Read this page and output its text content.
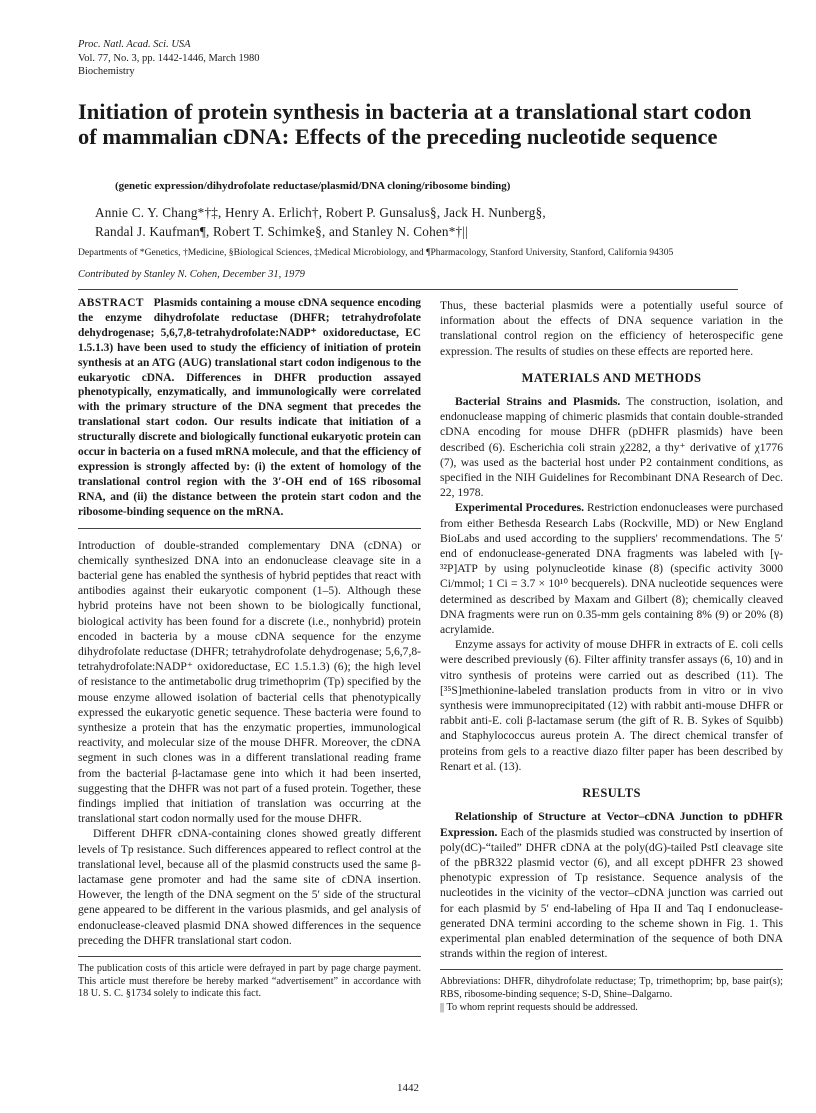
Proc. Natl. Acad. Sci. USA
Vol. 77, No. 3, pp. 1442-1446, March 1980
Biochemistry
Initiation of protein synthesis in bacteria at a translational start codon of mammalian cDNA: Effects of the preceding nucleotide sequence
(genetic expression/dihydrofolate reductase/plasmid/DNA cloning/ribosome binding)
Annie C. Y. Chang*†‡, Henry A. Erlich†, Robert P. Gunsalus§, Jack H. Nunberg§,
Randal J. Kaufman¶, Robert T. Schimke§, and Stanley N. Cohen*†||
Departments of *Genetics, †Medicine, §Biological Sciences, ‡Medical Microbiology, and ¶Pharmacology, Stanford University, Stanford, California 94305
Contributed by Stanley N. Cohen, December 31, 1979

ABSTRACT Plasmids containing a mouse cDNA sequence encoding the enzyme dihydrofolate reductase (DHFR; tetrahydrofolate dehydrogenase; 5,6,7,8-tetrahydrofolate:NADP⁺ oxidoreductase, EC 1.5.1.3) have been used to study the efficiency of initiation of protein synthesis at an ATG (AUG) translational start codon indigenous to the eukaryotic cDNA. Differences in DHFR production assayed phenotypically, enzymatically, and immunologically were correlated with the primary structure of the DNA segment that precedes the translational start codon. Our results indicate that initiation of a structurally discrete and biologically functional eukaryotic protein can occur in bacteria on a fused mRNA molecule, and that the efficiency of expression is strongly affected by: (i) the extent of homology of the translational control region with the 3′-OH end of 16S ribosomal RNA, and (ii) the distance between the protein start codon and the ribosome-binding sequence on the mRNA.

Introduction of double-stranded complementary DNA (cDNA) or chemically synthesized DNA into an endonuclease cleavage site in a bacterial gene has enabled the synthesis of hybrid peptides that react with antibodies against their eukaryotic component (1–5). Although these hybrid proteins have not been shown to be biologically functional, biological activity has been found for a discrete (i.e., nonhybrid) protein encoded in bacteria by a mouse cDNA sequence for the enzyme dihydrofolate reductase (DHFR; tetrahydrofolate dehydrogenase; 5,6,7,8-tetrahydrofolate:NADP⁺ oxidoreductase, EC 1.5.1.3) (6); the high level of resistance to the antimetabolic drug trimethoprim (Tp) specified by the mouse enzyme allowed isolation of bacterial cells that phenotypically expressed the eukaryotic genetic sequence. These bacteria were found to synthesize a protein that has the enzymatic properties, immunological reactivity, and molecular size of the mouse DHFR. Moreover, the cDNA segment in such clones was in a different translational reading frame from the bacterial β-lactamase gene into which it had been inserted, suggesting that the DHFR was not part of a fused protein. Together, these findings implied that initiation of translation was occurring at the translational start codon normally used for the mouse DHFR.

Different DHFR cDNA-containing clones showed greatly different levels of Tp resistance. Such differences appeared to reflect control at the translational level, because all of the plasmid constructs used the same β-lactamase gene promoter and had the same site of cDNA insertion. However, the length of the DNA segment on the 5′ side of the structural gene appeared to be different in the various plasmids, and gel analysis of endonuclease-cleaved plasmid DNA showed differences in the sequence preceding the DHFR translational start codon.

The publication costs of this article were defrayed in part by page charge payment. This article must therefore be hereby marked “advertisement” in accordance with 18 U. S. C. §1734 solely to indicate this fact.

Thus, these bacterial plasmids were a potentially useful source of information about the effects of DNA sequence variation in the translational control region on the efficiency of heterospecific gene expression. The results of studies on these effects are reported here.

MATERIALS AND METHODS

Bacterial Strains and Plasmids. The construction, isolation, and endonuclease mapping of chimeric plasmids that contain double-stranded cDNA encoding for mouse DHFR (pDHFR plasmids) have been described (6). Escherichia coli strain χ2282, a thy⁺ derivative of χ1776 (7), was used as the bacterial host under P2 containment conditions, as specified in the NIH Guidelines for Recombinant DNA Research of Dec. 22, 1978.

Experimental Procedures. Restriction endonucleases were purchased from either Bethesda Research Labs (Rockville, MD) or New England BioLabs and used according to the suppliers' recommendations. The 5′ end of endonuclease-generated DNA fragments was labeled with [γ-³²P]ATP by using polynucleotide kinase (8) (specific activity 3000 Ci/mmol; 1 Ci = 3.7 × 10¹⁰ becquerels). DNA nucleotide sequences were determined as described by Maxam and Gilbert (8); chemically cleaved DNA fragments were run on 0.35-mm gels containing 8% (9) or 20% (8) acrylamide.

Enzyme assays for activity of mouse DHFR in extracts of E. coli cells were described previously (6). Filter affinity transfer assays (6, 10) and in vitro synthesis of proteins were carried out as described (11). The [³⁵S]methionine-labeled translation products from in vitro or in vivo synthesis were immunoprecipitated (12) with rabbit anti-mouse DHFR or rabbit anti-E. coli β-lactamase serum (the gift of R. B. Sykes of Squibb) and Staphylococcus aureus protein A. The direct chemical transfer of proteins from gels to a reactive diazo filter paper has been described by Renart et al. (13).

RESULTS

Relationship of Structure at Vector–cDNA Junction to pDHFR Expression. Each of the plasmids studied was constructed by insertion of poly(dC)-“tailed” DHFR cDNA at the poly(dG)-tailed PstI cleavage site of the pBR322 plasmid vector (6), and all except pDHFR 23 showed phenotypic expression of Tp resistance. Sequence analysis of the nucleotides in the vicinity of the vector–cDNA junction was carried out for each plasmid by 5′ end-labeling of Hpa II and Taq I endonuclease-generated DNA termini according to the scheme shown in Fig. 1. This experimental plan enabled determination of the sequence of both DNA strands within the region of interest.

Abbreviations: DHFR, dihydrofolate reductase; Tp, trimethoprim; bp, base pair(s); RBS, ribosome-binding sequence; S-D, Shine–Dalgarno.

|| To whom reprint requests should be addressed.

1442
